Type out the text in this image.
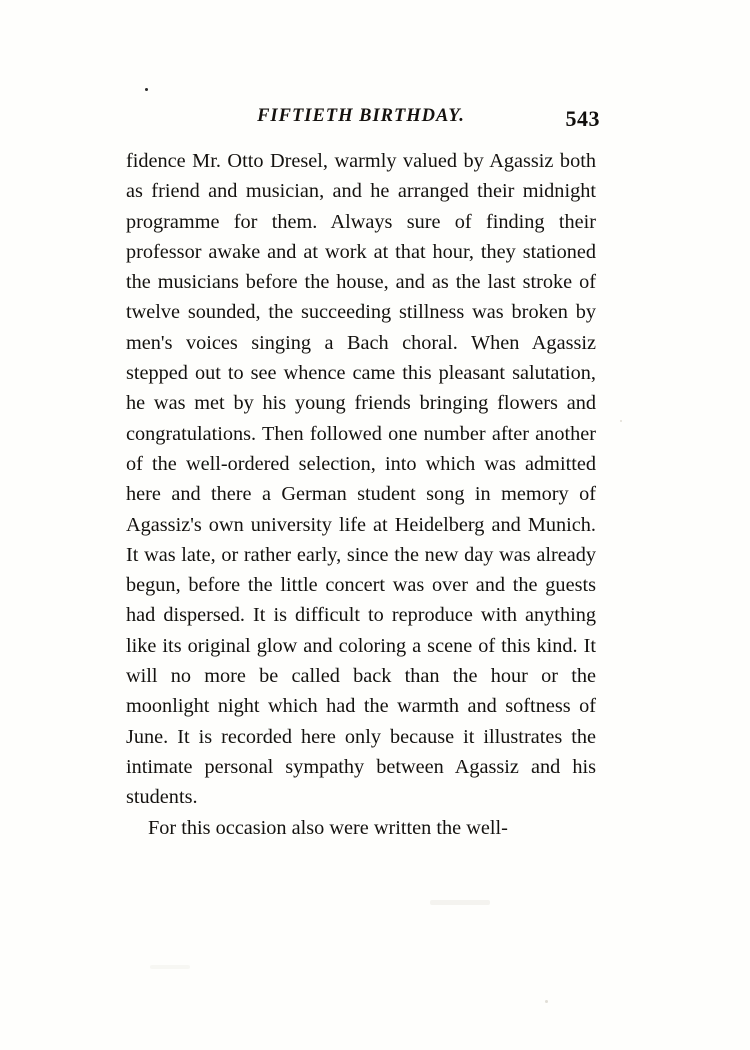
FIFTIETH BIRTHDAY.	543

fidence Mr. Otto Dresel, warmly valued by Agassiz both as friend and musician, and he arranged their midnight programme for them. Always sure of finding their professor awake and at work at that hour, they stationed the musicians before the house, and as the last stroke of twelve sounded, the succeeding stillness was broken by men's voices singing a Bach choral. When Agassiz stepped out to see whence came this pleasant salutation, he was met by his young friends bringing flowers and congratulations. Then followed one number after another of the well-ordered selection, into which was admitted here and there a German student song in memory of Agassiz's own university life at Heidelberg and Munich. It was late, or rather early, since the new day was already begun, before the little concert was over and the guests had dispersed. It is difficult to reproduce with anything like its original glow and coloring a scene of this kind. It will no more be called back than the hour or the moonlight night which had the warmth and softness of June. It is recorded here only because it illustrates the intimate personal sympathy between Agassiz and his students.

For this occasion also were written the well-
